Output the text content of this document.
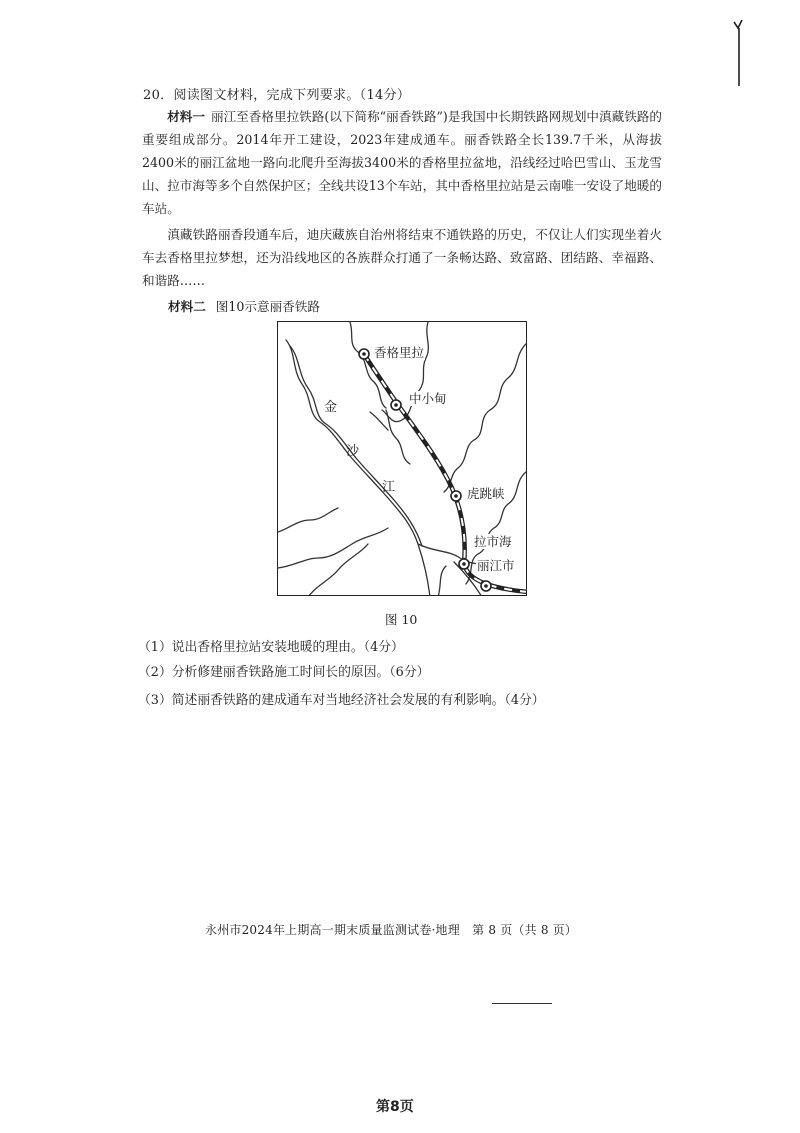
20．阅读图文材料，完成下列要求。（14分）
材料一 丽江至香格里拉铁路(以下简称“丽香铁路”)是我国中长期铁路网规划中滇藏铁路的重要组成部分。2014年开工建设，2023年建成通车。丽香铁路全长139.7千米，从海拔2400米的丽江盆地一路向北爬升至海拔3400米的香格里拉盆地，沿线经过哈巴雪山、玉龙雪山、拉市海等多个自然保护区；全线共设13个车站，其中香格里拉站是云南唯一安设了地暖的车站。
滇藏铁路丽香段通车后，迪庆藏族自治州将结束不通铁路的历史，不仅让人们实现坐着火车去香格里拉梦想，还为沿线地区的各族群众打通了一条畅达路、致富路、团结路、幸福路、和谐路……
材料二 图10示意丽香铁路
香格里拉
中小甸
虎跳峡
拉市海
丽江市
金
沙
江
图 10
（1）说出香格里拉站安装地暖的理由。（4分）
（2）分析修建丽香铁路施工时间长的原因。（6分）
（3）简述丽香铁路的建成通车对当地经济社会发展的有利影响。（4分）
永州市2024年上期高一期末质量监测试卷·地理　第 8 页（共 8 页）
第8页
